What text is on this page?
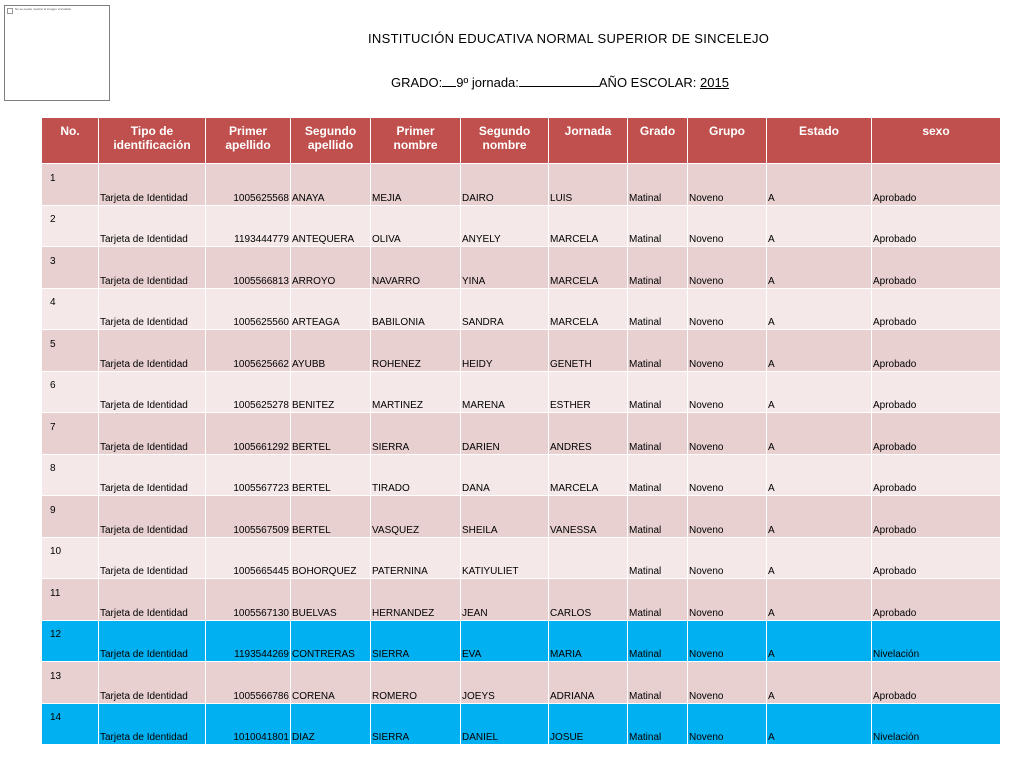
No se puede mostrar la imagen vinculada.
INSTITUCIÓN EDUCATIVA NORMAL SUPERIOR DE SINCELEJO
GRADO: 9º jornada:	AÑO ESCOLAR: 2015
No.	Tipo de identificación	Primer apellido	Segundo apellido	Primer nombre	Segundo nombre	Jornada	Grado	Grupo	Estado	sexo
1	Tarjeta de Identidad	1005625568	ANAYA	MEJIA	DAIRO	LUIS	Matinal	Noveno	A	Aprobado
2	Tarjeta de Identidad	1193444779	ANTEQUERA	OLIVA	ANYELY	MARCELA	Matinal	Noveno	A	Aprobado
3	Tarjeta de Identidad	1005566813	ARROYO	NAVARRO	YINA	MARCELA	Matinal	Noveno	A	Aprobado
4	Tarjeta de Identidad	1005625560	ARTEAGA	BABILONIA	SANDRA	MARCELA	Matinal	Noveno	A	Aprobado
5	Tarjeta de Identidad	1005625662	AYUBB	ROHENEZ	HEIDY	GENETH	Matinal	Noveno	A	Aprobado
6	Tarjeta de Identidad	1005625278	BENITEZ	MARTINEZ	MARENA	ESTHER	Matinal	Noveno	A	Aprobado
7	Tarjeta de Identidad	1005661292	BERTEL	SIERRA	DARIEN	ANDRES	Matinal	Noveno	A	Aprobado
8	Tarjeta de Identidad	1005567723	BERTEL	TIRADO	DANA	MARCELA	Matinal	Noveno	A	Aprobado
9	Tarjeta de Identidad	1005567509	BERTEL	VASQUEZ	SHEILA	VANESSA	Matinal	Noveno	A	Aprobado
10	Tarjeta de Identidad	1005665445	BOHORQUEZ	PATERNINA	KATIYULIET		Matinal	Noveno	A	Aprobado
11	Tarjeta de Identidad	1005567130	BUELVAS	HERNANDEZ	JEAN	CARLOS	Matinal	Noveno	A	Aprobado
12	Tarjeta de Identidad	1193544269	CONTRERAS	SIERRA	EVA	MARIA	Matinal	Noveno	A	Nivelación
13	Tarjeta de Identidad	1005566786	CORENA	ROMERO	JOEYS	ADRIANA	Matinal	Noveno	A	Aprobado
14	Tarjeta de Identidad	1010041801	DIAZ	SIERRA	DANIEL	JOSUE	Matinal	Noveno	A	Nivelación
